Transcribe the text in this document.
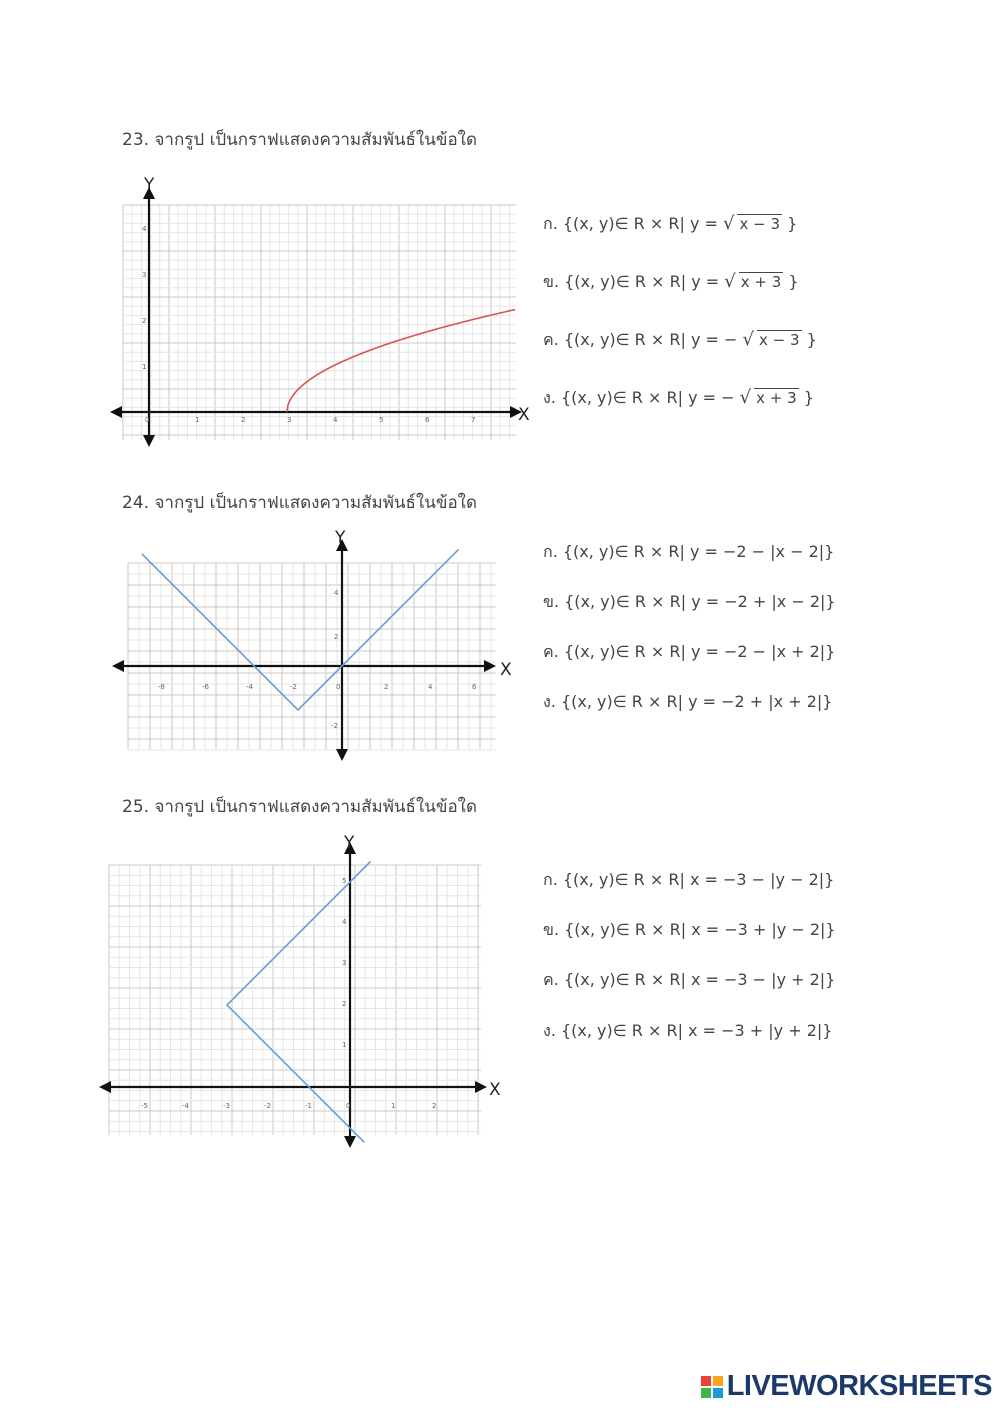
23. จากรูป เป็นกราฟแสดงความสัมพันธ์ในข้อใด
X
Y
0	1	2	3	4	5	6	7
1
2
3
4	ก. {(x, y)∈ R × R| y = √ x − 3 }
ข. {(x, y)∈ R × R| y = √ x + 3 }
ค. {(x, y)∈ R × R| y = − √ x − 3 }
ง. {(x, y)∈ R × R| y = − √ x + 3 }
24. จากรูป เป็นกราฟแสดงความสัมพันธ์ในข้อใด
X
Y
-8	-6	-4	-2	0	2	4	6
4
2
-2
ก. {(x, y)∈ R × R| y = −2 − |x − 2|}
ข. {(x, y)∈ R × R| y = −2 + |x − 2|}
ค. {(x, y)∈ R × R| y = −2 − |x + 2|}
ง. {(x, y)∈ R × R| y = −2 + |x + 2|}
25. จากรูป เป็นกราฟแสดงความสัมพันธ์ในข้อใด
X
Y
-5	-4	-3	-2	-1	0	1	2
5
4
3
2
1
ก. {(x, y)∈ R × R| x = −3 − |y − 2|}
ข. {(x, y)∈ R × R| x = −3 + |y − 2|}
ค. {(x, y)∈ R × R| x = −3 − |y + 2|}
ง. {(x, y)∈ R × R| x = −3 + |y + 2|}
LIVEWORKSHEETS
